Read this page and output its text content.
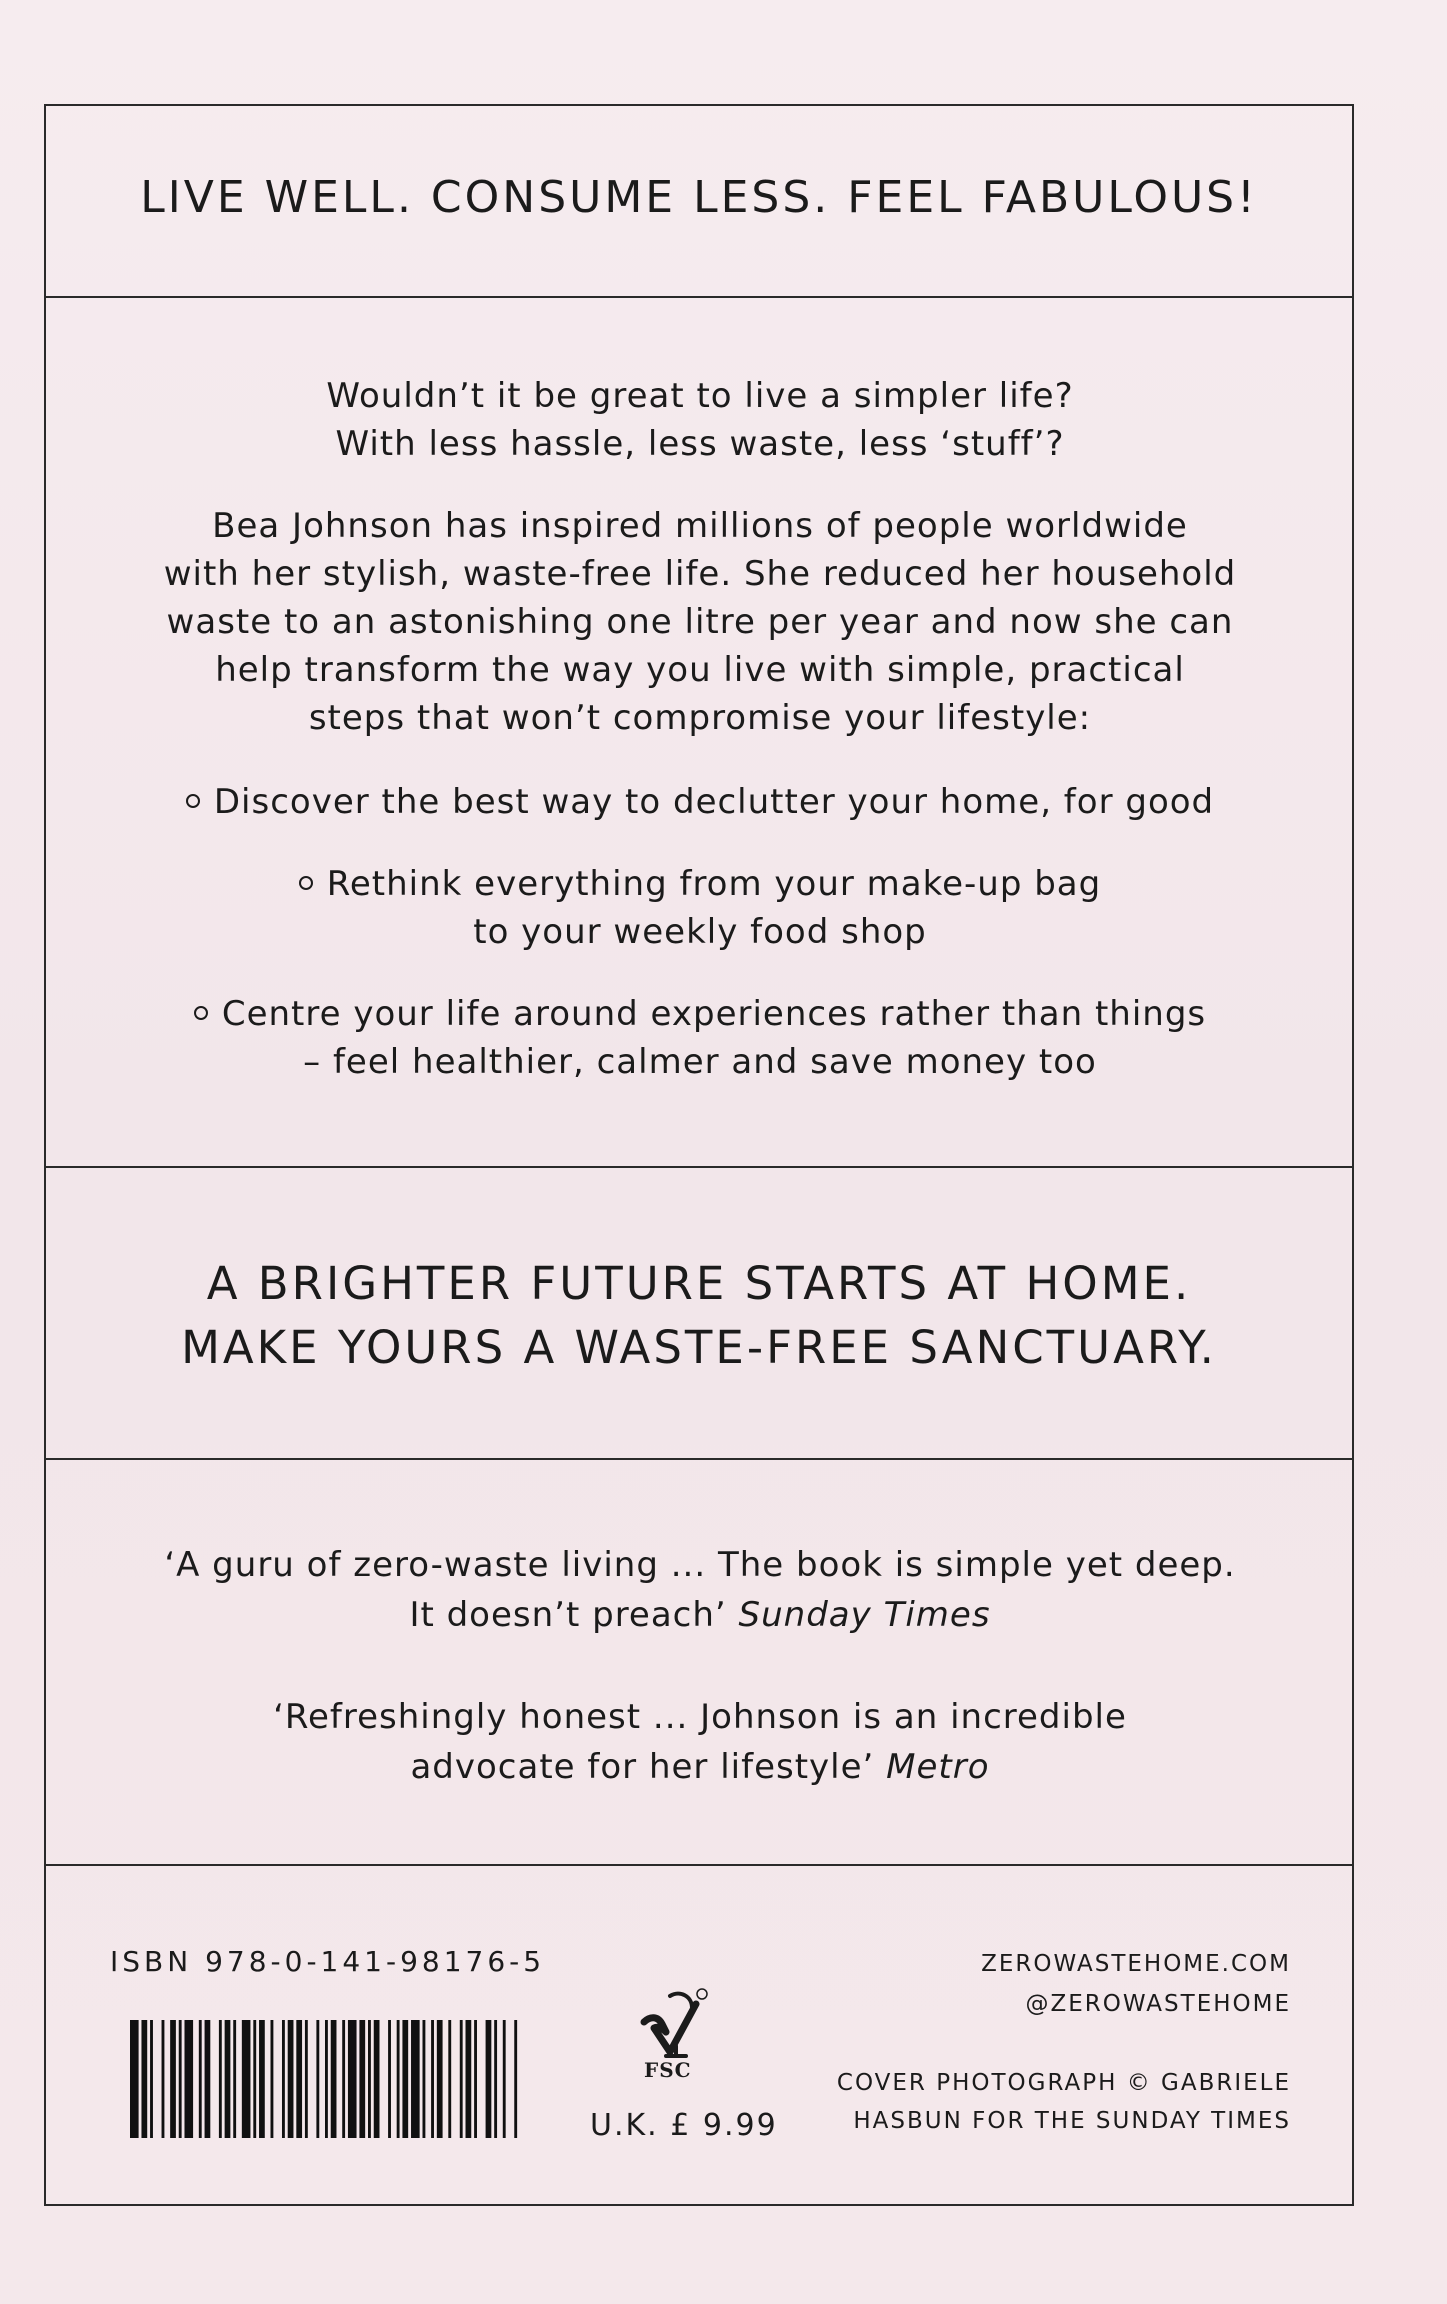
LIVE WELL. CONSUME LESS. FEEL FABULOUS!

Wouldn’t it be great to live a simpler life?
With less hassle, less waste, less ‘stuff’?

Bea Johnson has inspired millions of people worldwide
with her stylish, waste-free life. She reduced her household
waste to an astonishing one litre per year and now she can
help transform the way you live with simple, practical
steps that won’t compromise your lifestyle:

Discover the best way to declutter your home, for good
Rethink everything from your make-up bag
to your weekly food shop
Centre your life around experiences rather than things
– feel healthier, calmer and save money too
A BRIGHTER FUTURE STARTS AT HOME.
MAKE YOURS A WASTE-FREE SANCTUARY.

‘A guru of zero-waste living ... The book is simple yet deep.
It doesn’t preach’ Sunday Times

‘Refreshingly honest ... Johnson is an incredible
advocate for her lifestyle’ Metro

ISBN 978-0-141-98176-5
FSC
U.K. £ 9.99
ZEROWASTEHOME.COM
@ZEROWASTEHOME
COVER PHOTOGRAPH © GABRIELE
HASBUN FOR THE SUNDAY TIMES
